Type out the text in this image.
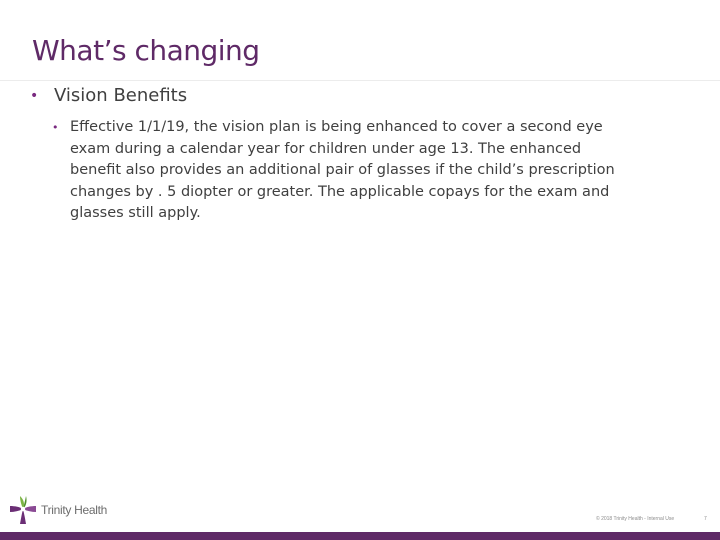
What’s changing
• Vision Benefits
• Effective 1/1/19, the vision plan is being enhanced to cover a second eye exam during a calendar year for children under age 13. The enhanced benefit also provides an additional pair of glasses if the child’s prescription changes by . 5 diopter or greater. The applicable copays for the exam and glasses still apply.
Trinity Health
© 2018 Trinity Health - Internal Use	7
